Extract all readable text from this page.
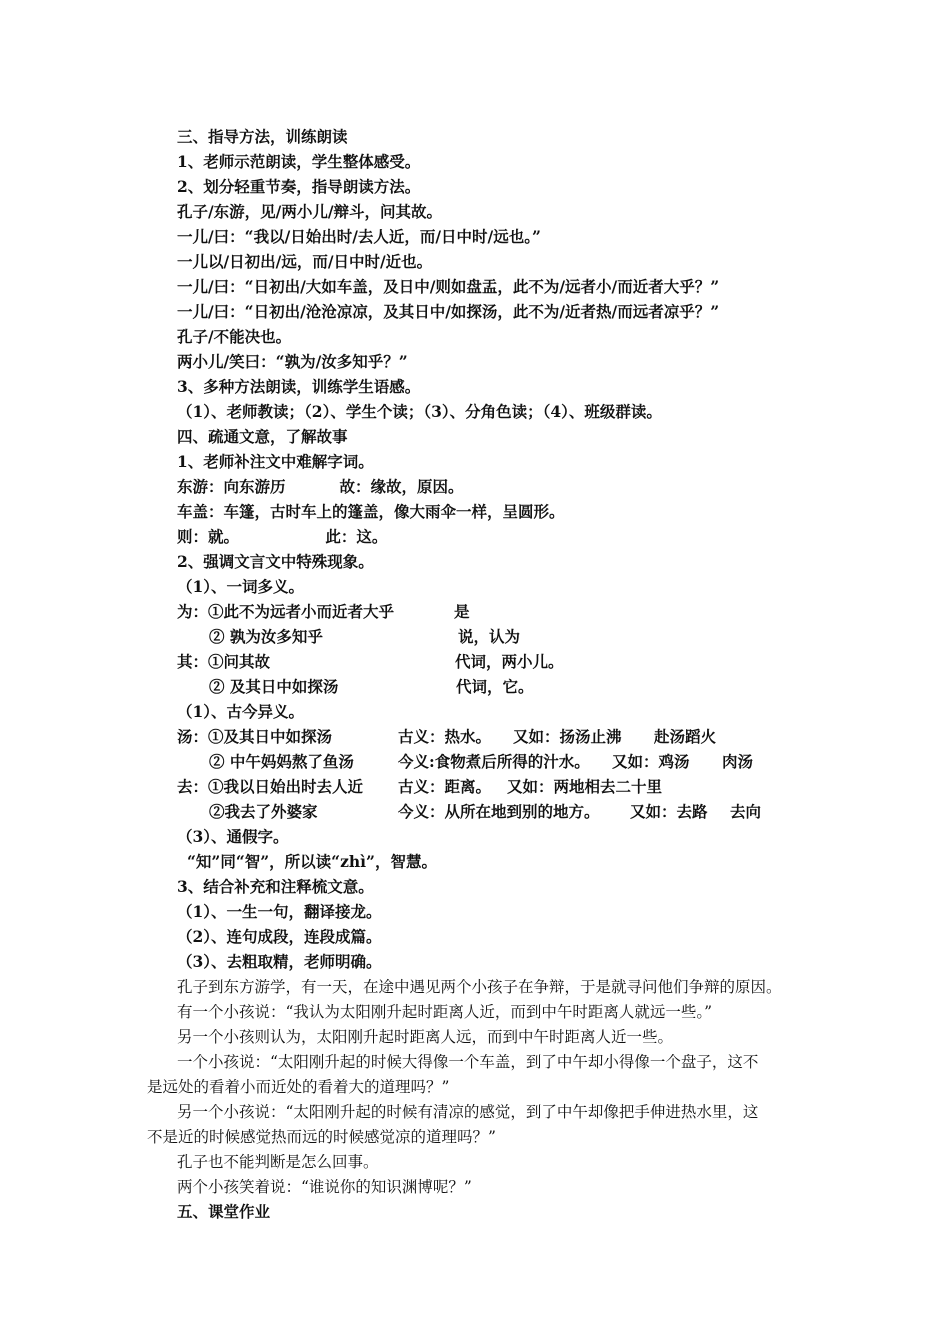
三、指导方法，训练朗读
1、老师示范朗读，学生整体感受。
2、划分轻重节奏，指导朗读方法。
孔子/东游，见/两小儿/辩斗，问其故。
一儿/曰：“我以/日始出时/去人近，而/日中时/远也。”
一儿以/日初出/远，而/日中时/近也。
一儿/曰：“日初出/大如车盖，及日中/则如盘盂，此不为/远者小/而近者大乎？”
一儿/曰：“日初出/沧沧凉凉，及其日中/如探汤，此不为/近者热/而远者凉乎？”
孔子/不能决也。
两小儿/笑曰：“孰为/汝多知乎？”
3、多种方法朗读，训练学生语感。
（1）、老师教读；（2）、学生个读；（3）、分角色读；（4）、班级群读。
四、疏通文意，了解故事
1、老师补注文中难解字词。
东游：向东游历          故：缘故，原因。
车盖：车篷，古时车上的篷盖，像大雨伞一样，呈圆形。
则：就。                此：这。
2、强调文言文中特殊现象。
（1）、一词多义。
为：①此不为远者小而近者大乎	是
② 孰为汝多知乎	说，认为
其：①问其故	代词，两小儿。
② 及其日中如探汤	代词，它。
（1）、古今异义。
汤：①及其日中如探汤	古义：热水。 又如：扬汤止沸 赴汤蹈火
② 中午妈妈熬了鱼汤	今义:食物煮后所得的汁水。 又如：鸡汤 肉汤
去：①我以日始出时去人近 古义：距离。 又如：两地相去二十里
②我去了外婆家	今义：从所在地到别的地方。 又如：去路 去向
（3）、通假字。
“知”同“智”，所以读“zhì”，智慧。
3、结合补充和注释梳文意。
（1）、一生一句，翻译接龙。
（2）、连句成段，连段成篇。
（3）、去粗取精，老师明确。
孔子到东方游学，有一天，在途中遇见两个小孩子在争辩，于是就寻问他们争辩的原因。
有一个小孩说：“我认为太阳刚升起时距离人近，而到中午时距离人就远一些。”
另一个小孩则认为，太阳刚升起时距离人远，而到中午时距离人近一些。
一个小孩说：“太阳刚升起的时候大得像一个车盖，到了中午却小得像一个盘子，这不
是远处的看着小而近处的看着大的道理吗？”
另一个小孩说：“太阳刚升起的时候有清凉的感觉，到了中午却像把手伸进热水里，这
不是近的时候感觉热而远的时候感觉凉的道理吗？”
孔子也不能判断是怎么回事。
两个小孩笑着说：“谁说你的知识渊博呢？”
五、课堂作业
